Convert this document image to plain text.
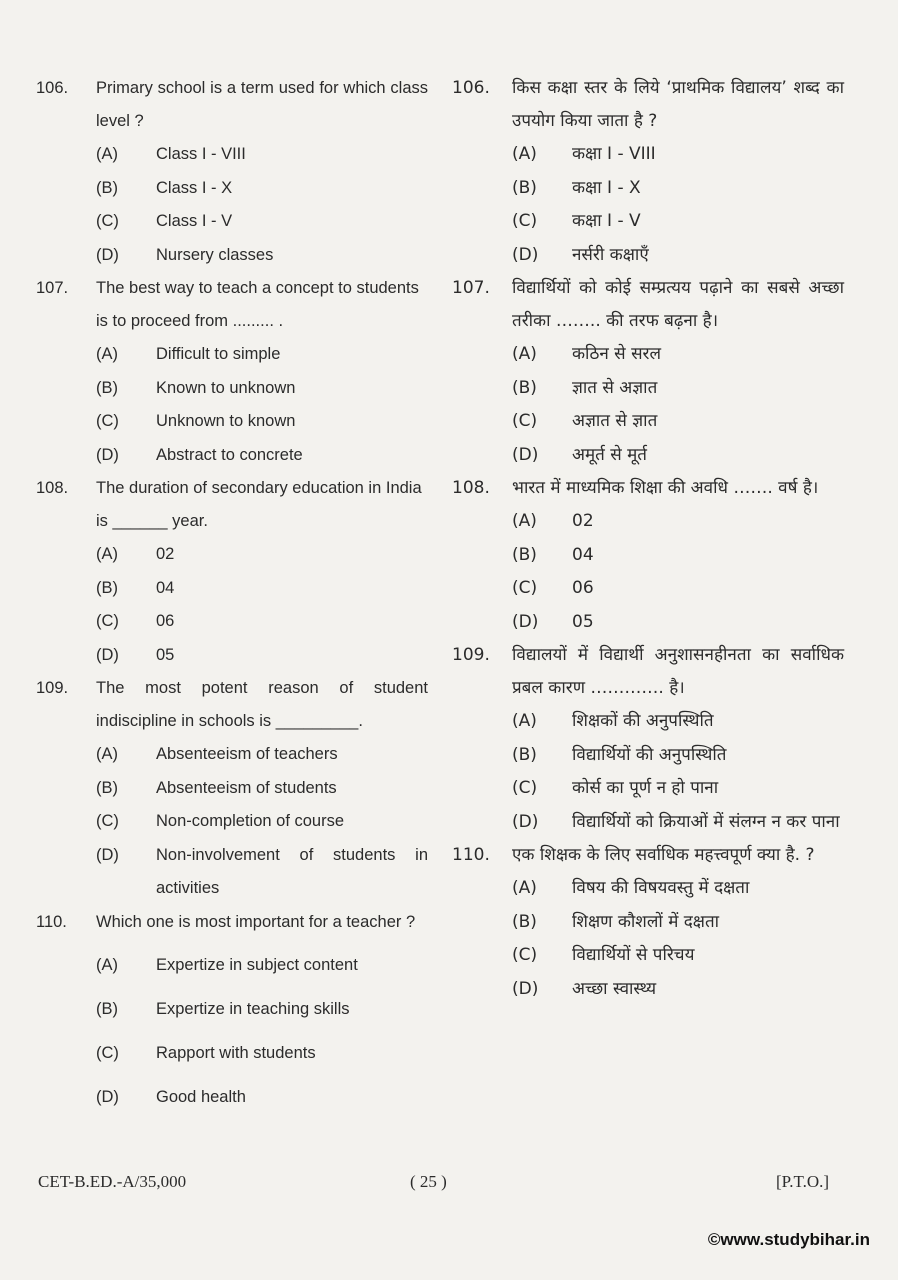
106.	Primary school is a term used for which class level ?
(A)	Class I - VIII
(B)	Class I - X
(C)	Class I - V
(D)	Nursery classes
107.	The best way to teach a concept to students is to proceed from ......... .
(A)	Difficult to simple
(B)	Known to unknown
(C)	Unknown to known
(D)	Abstract to concrete
108.	The duration of secondary education in India is ______ year.
(A)	02
(B)	04
(C)	06
(D)	05
109.	The most potent reason of student indiscipline in schools is _________.
(A)	Absenteeism of teachers
(B)	Absenteeism of students
(C)	Non-completion of course
(D)	Non-involvement of students in activities
110.	Which one is most important for a teacher ?
(A)	Expertize in subject content
(B)	Expertize in teaching skills
(C)	Rapport with students
(D)	Good health
106.	किस कक्षा स्तर के लिये ‘प्राथमिक विद्यालय’ शब्द का उपयोग किया जाता है ?
(A)	कक्षा I - VIII
(B)	कक्षा I - X
(C)	कक्षा I - V
(D)	नर्सरी कक्षाएँ
107.	विद्यार्थियों को कोई सम्प्रत्यय पढ़ाने का सबसे अच्छा तरीका …….. की तरफ बढ़ना है।
(A)	कठिन से सरल
(B)	ज्ञात से अज्ञात
(C)	अज्ञात से ज्ञात
(D)	अमूर्त से मूर्त
108.	भारत में माध्यमिक शिक्षा की अवधि ……. वर्ष है।
(A)	02
(B)	04
(C)	06
(D)	05
109.	विद्यालयों में विद्यार्थी अनुशासनहीनता का सर्वाधिक प्रबल कारण …………. है।
(A)	शिक्षकों की अनुपस्थिति
(B)	विद्यार्थियों की अनुपस्थिति
(C)	कोर्स का पूर्ण न हो पाना
(D)	विद्यार्थियों को क्रियाओं में संलग्न न कर पाना
110.	एक शिक्षक के लिए सर्वाधिक महत्त्वपूर्ण क्या है. ?
(A)	विषय की विषयवस्तु में दक्षता
(B)	शिक्षण कौशलों में दक्षता
(C)	विद्यार्थियों से परिचय
(D)	अच्छा स्वास्थ्य
CET-B.ED.-A/35,000	( 25 )	[P.T.O.]
©www.studybihar.in
